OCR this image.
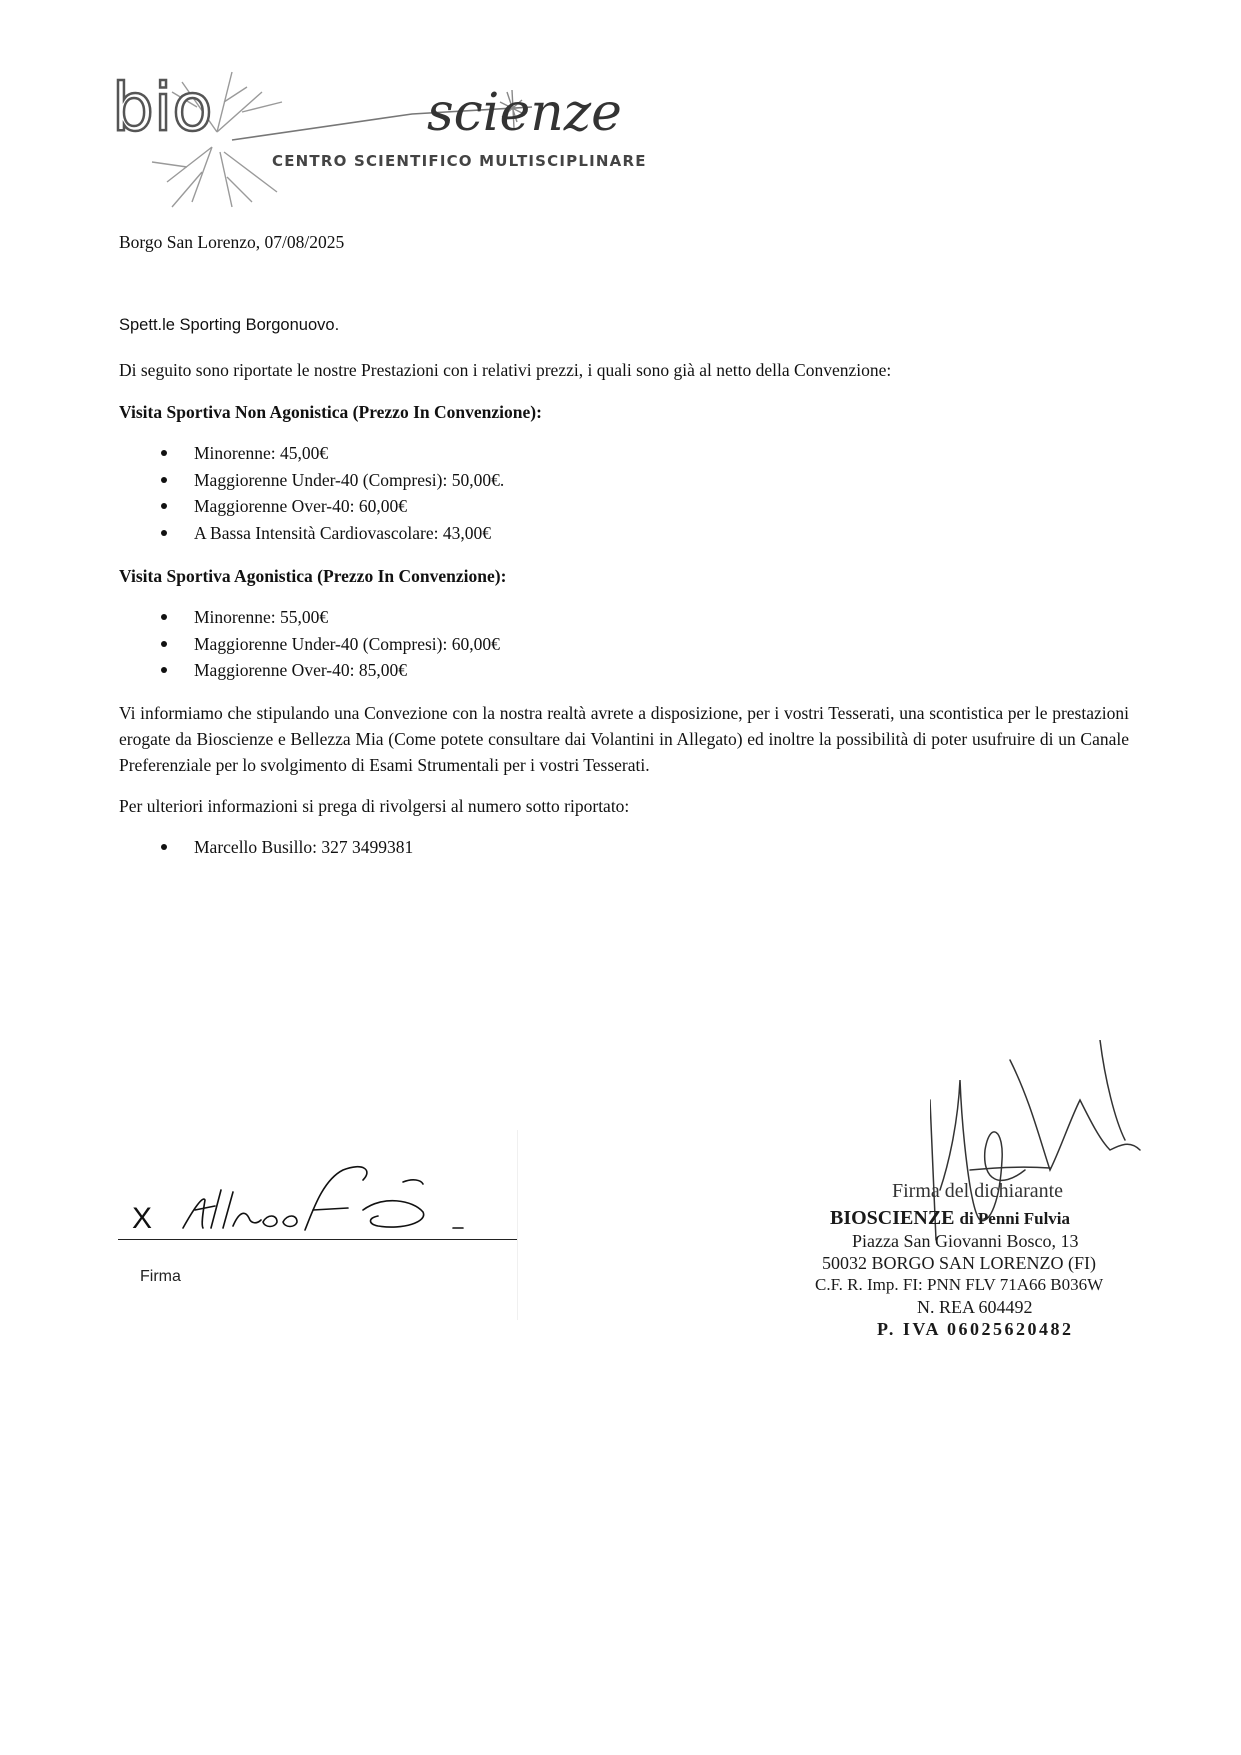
bio	scienze
CENTRO SCIENTIFICO MULTISCIPLINARE
Borgo San Lorenzo, 07/08/2025
Spett.le Sporting Borgonuovo.
Di seguito sono riportate le nostre Prestazioni con i relativi prezzi, i quali sono già al netto della Convenzione:
Visita Sportiva Non Agonistica (Prezzo In Convenzione):
Minorenne: 45,00€
Maggiorenne Under-40 (Compresi): 50,00€.
Maggiorenne Over-40: 60,00€
A Bassa Intensità Cardiovascolare: 43,00€
Visita Sportiva Agonistica (Prezzo In Convenzione):
Minorenne: 55,00€
Maggiorenne Under-40 (Compresi): 60,00€
Maggiorenne Over-40: 85,00€
Vi informiamo che stipulando una Convezione con la nostra realtà avrete a disposizione, per i vostri Tesserati, una scontistica per le prestazioni erogate da Bioscienze e Bellezza Mia (Come potete consultare dai Volantini in Allegato) ed inoltre la possibilità di poter usufruire di un Canale Preferenziale per lo svolgimento di Esami Strumentali per i vostri Tesserati.
Per ulteriori informazioni si prega di rivolgersi al numero sotto riportato:
Marcello Busillo: 327 3499381
X
Firma
Firma del dichiarante
BIOSCIENZE di Penni Fulvia
Piazza San Giovanni Bosco, 13
50032 BORGO SAN LORENZO (FI)
C.F. R. Imp. FI: PNN FLV 71A66 B036W
N. REA 604492
P. IVA 06025620482
